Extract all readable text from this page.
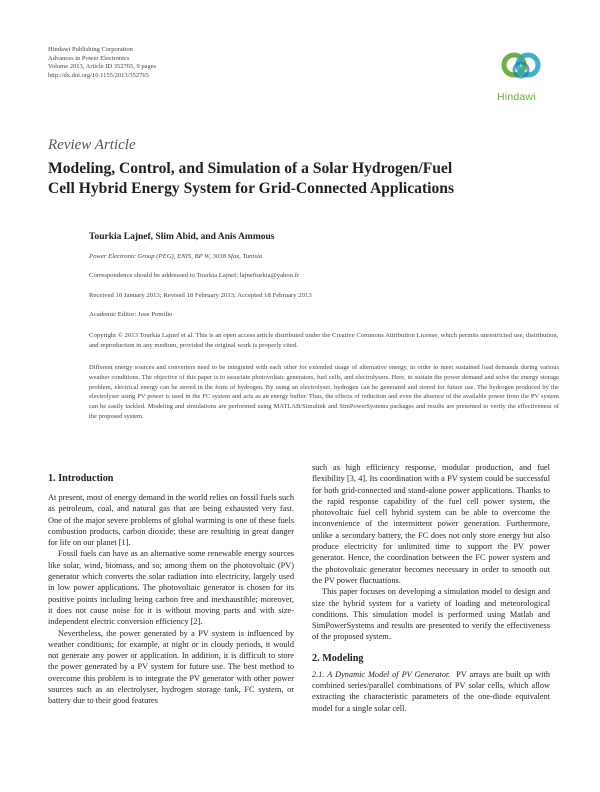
Hindawi Publishing Corporation
Advances in Power Electronics
Volume 2013, Article ID 352765, 9 pages
http://dx.doi.org/10.1155/2013/352765
Hindawi
Review Article
Modeling, Control, and Simulation of a Solar Hydrogen/Fuel
Cell Hybrid Energy System for Grid-Connected Applications
Tourkia Lajnef, Slim Abid, and Anis Ammous
Power Electronic Group (PEG), ENIS, BP W, 3038 Sfax, Tunisia
Correspondence should be addressed to Tourkia Lajnef; lajnefturkia@yahoo.fr
Received 10 January 2013; Revised 18 February 2013; Accepted 18 February 2013
Academic Editor: Jose Pomilio
Copyright © 2013 Tourkia Lajnef et al. This is an open access article distributed under the Creative Commons Attribution License, which permits unrestricted use, distribution, and reproduction in any medium, provided the original work is properly cited.
Different energy sources and converters need to be integrated with each other for extended usage of alternative energy, in order to meet sustained load demands during various weather conditions. The objective of this paper is to associate photovoltaic generators, fuel cells, and electrolysers. Here, to sustain the power demand and solve the energy storage problem, electrical energy can be stored in the form of hydrogen. By using an electrolyser, hydrogen can be generated and stored for future use. The hydrogen produced by the electrolyser using PV power is used in the FC system and acts as an energy buffer. Thus, the effects of reduction and even the absence of the available power from the PV system can be easily tackled. Modeling and simulations are performed using MATLAB/Simulink and SimPowerSystems packages and results are presented to verify the effectiveness of the proposed system.
1. Introduction

At present, most of energy demand in the world relies on fossil fuels such as petroleum, coal, and natural gas that are being exhausted very fast. One of the major severe problems of global warming is one of these fuels combustion products, carbon dioxide; these are resulting in great danger for life on our planet [1].

Fossil fuels can have as an alternative some renewable energy sources like solar, wind, biomass, and so; among them on the photovoltaic (PV) generator which converts the solar radiation into electricity, largely used in low power applications. The photovoltaic generator is chosen for its positive points including being carbon free and inexhaustible; moreover, it does not cause noise for it is without moving parts and with size-independent electric conversion efficiency [2].

Nevertheless, the power generated by a PV system is influenced by weather conditions; for example, at night or in cloudy periods, it would not generate any power or application. In addition, it is difficult to store the power generated by a PV system for future use. The best method to overcome this problem is to integrate the PV generator with other power sources such as an electrolyser, hydrogen storage tank, FC system, or battery due to their good features

such as high efficiency response, modular production, and fuel flexibility [3, 4]. Its coordination with a PV system could be successful for both grid-connected and stand-alone power applications. Thanks to the rapid response capability of the fuel cell power system, the photovoltaic fuel cell hybrid system can be able to overcome the inconvenience of the intermittent power generation. Furthermore, unlike a secondary battery, the FC does not only store energy but also produce electricity for unlimited time to support the PV power generator. Hence, the coordination between the FC power system and the photovoltaic generator becomes necessary in order to smooth out the PV power fluctuations.

This paper focuses on developing a simulation model to design and size the hybrid system for a variety of loading and meteorological conditions. This simulation model is performed using Matlab and SimPowerSystems and results are presented to verify the effectiveness of the proposed system.

2. Modeling

2.1. A Dynamic Model of PV Generator. PV arrays are built up with combined series/parallel combinations of PV solar cells, which allow extracting the characteristic parameters of the one-diode equivalent model for a single solar cell.
